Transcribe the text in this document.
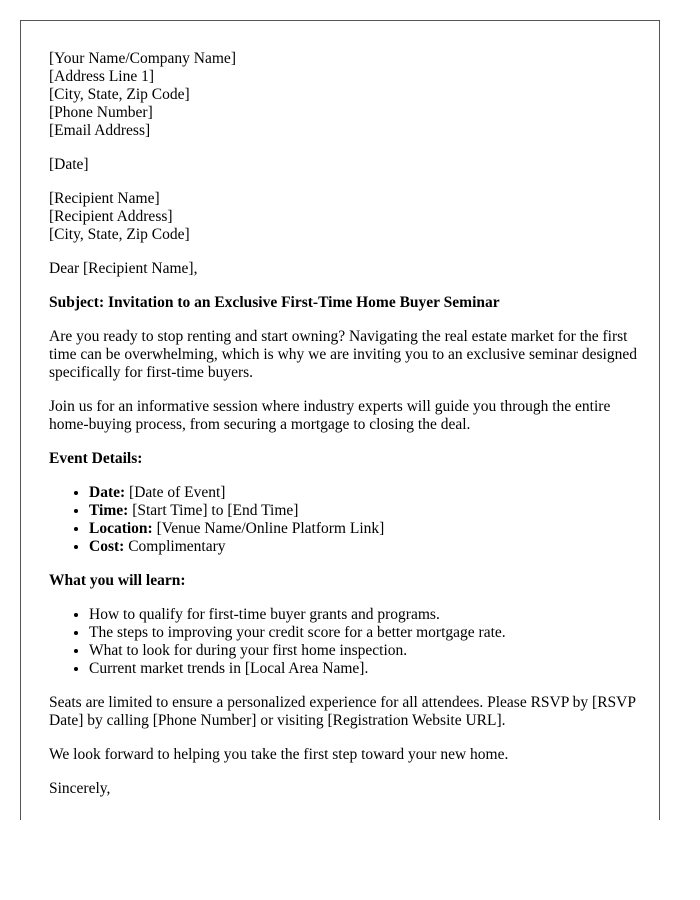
[Your Name/Company Name]
[Address Line 1]
[City, State, Zip Code]
[Phone Number]
[Email Address]
[Date]
[Recipient Name]
[Recipient Address]
[City, State, Zip Code]

Dear [Recipient Name],

Subject: Invitation to an Exclusive First-Time Home Buyer Seminar

Are you ready to stop renting and start owning? Navigating the real estate market for the first time can be overwhelming, which is why we are inviting you to an exclusive seminar designed specifically for first-time buyers.

Join us for an informative session where industry experts will guide you through the entire home-buying process, from securing a mortgage to closing the deal.

Event Details:
• Date: [Date of Event]
• Time: [Start Time] to [End Time]
• Location: [Venue Name/Online Platform Link]
• Cost: Complimentary
What you will learn:
• How to qualify for first-time buyer grants and programs.
• The steps to improving your credit score for a better mortgage rate.
• What to look for during your first home inspection.
• Current market trends in [Local Area Name].

Seats are limited to ensure a personalized experience for all attendees. Please RSVP by [RSVP Date] by calling [Phone Number] or visiting [Registration Website URL].

We look forward to helping you take the first step toward your new home.

Sincerely,
